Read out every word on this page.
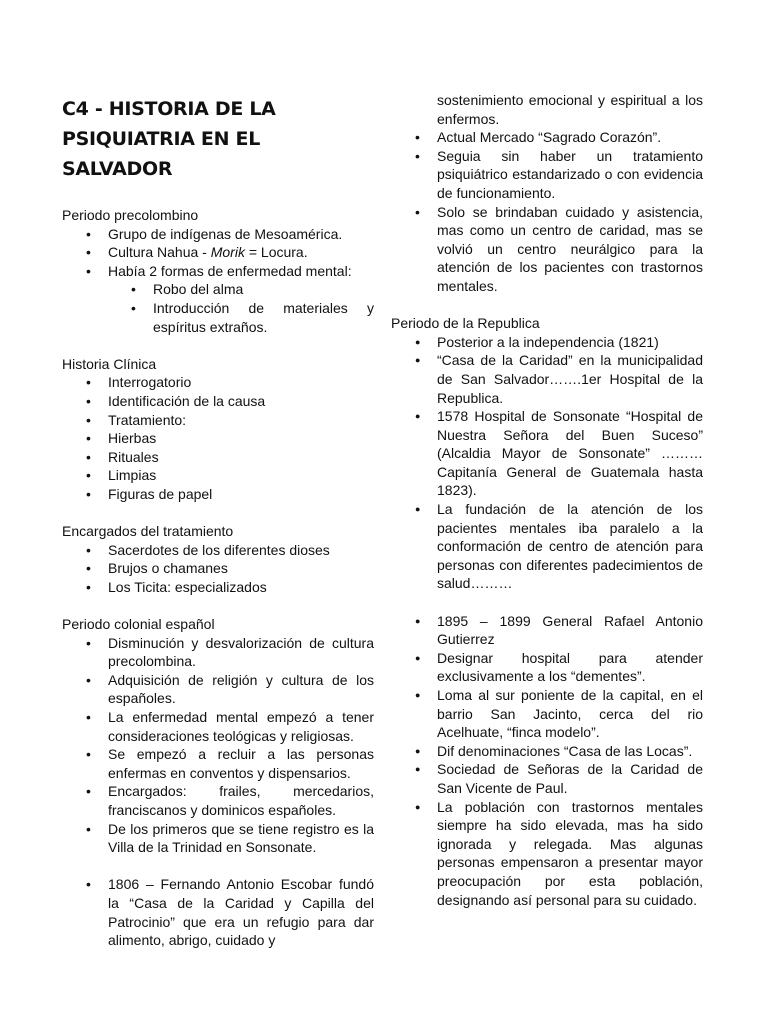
C4 - HISTORIA DE LA PSIQUIATRIA EN EL SALVADOR
Periodo precolombino
• Grupo de indígenas de Mesoamérica.
• Cultura Nahua - Morik = Locura.
• Había 2 formas de enfermedad mental:
• Robo del alma
• Introducción de materiales y espíritus extraños.
Historia Clínica
• Interrogatorio
• Identificación de la causa
• Tratamiento:
• Hierbas
• Rituales
• Limpias
• Figuras de papel
Encargados del tratamiento
• Sacerdotes de los diferentes dioses
• Brujos o chamanes
• Los Ticita: especializados
Periodo colonial español
• Disminución y desvalorización de cultura precolombina.
• Adquisición de religión y cultura de los españoles.
• La enfermedad mental empezó a tener consideraciones teológicas y religiosas.
• Se empezó a recluir a las personas enfermas en conventos y dispensarios.
• Encargados: frailes, mercedarios, franciscanos y dominicos españoles.
• De los primeros que se tiene registro es la Villa de la Trinidad en Sonsonate.
• 1806 – Fernando Antonio Escobar fundó la “Casa de la Caridad y Capilla del Patrocinio” que era un refugio para dar alimento, abrigo, cuidado y
sostenimiento emocional y espiritual a los enfermos.
• Actual Mercado “Sagrado Corazón”.
• Seguia sin haber un tratamiento psiquiátrico estandarizado o con evidencia de funcionamiento.
• Solo se brindaban cuidado y asistencia, mas como un centro de caridad, mas se volvió un centro neurálgico para la atención de los pacientes con trastornos mentales.
Periodo de la Republica
● Posterior a la independencia (1821)
● “Casa de la Caridad” en la municipalidad de San Salvador…….1er Hospital de la Republica.
● 1578 Hospital de Sonsonate “Hospital de Nuestra Señora del Buen Suceso” (Alcaldia Mayor de Sonsonate” ……… Capitanía General de Guatemala hasta 1823).
● La fundación de la atención de los pacientes mentales iba paralelo a la conformación de centro de atención para personas con diferentes padecimientos de salud………
● 1895 – 1899 General Rafael Antonio Gutierrez
● Designar hospital para atender exclusivamente a los “dementes”.
● Loma al sur poniente de la capital, en el barrio San Jacinto, cerca del rio Acelhuate, “finca modelo”.
● Dif denominaciones “Casa de las Locas”.
● Sociedad de Señoras de la Caridad de San Vicente de Paul.
● La población con trastornos mentales siempre ha sido elevada, mas ha sido ignorada y relegada. Mas algunas personas empensaron a presentar mayor preocupación por esta población, designando así personal para su cuidado.
